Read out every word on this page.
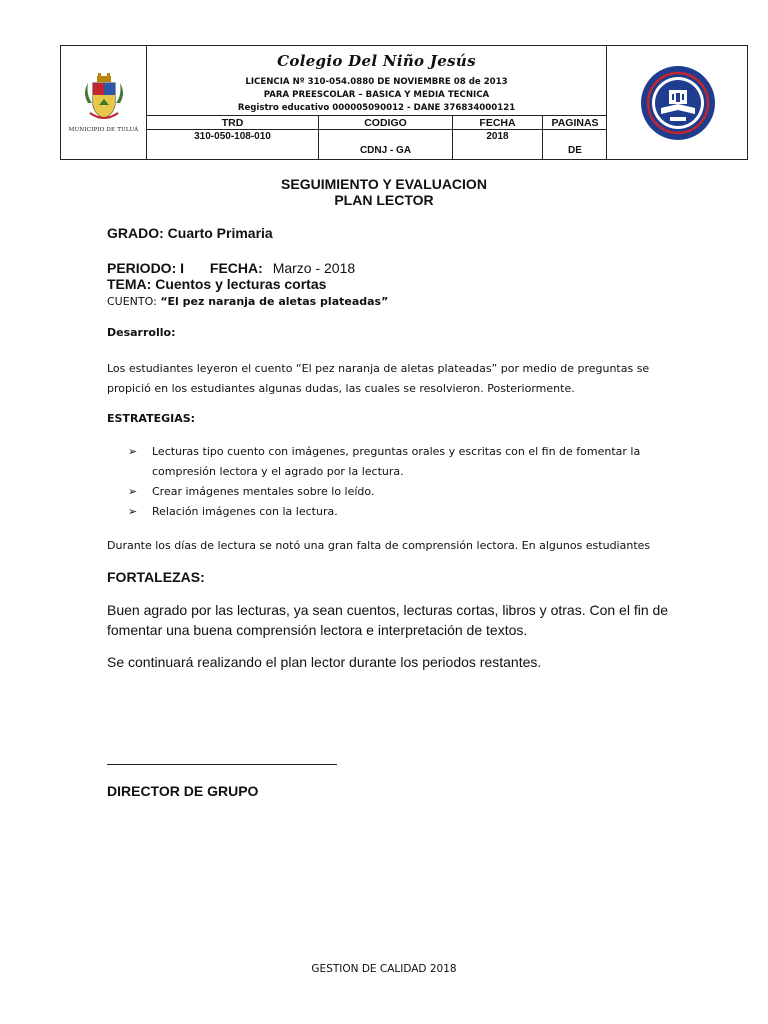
MUNICIPIO DE TULUÁ
Colegio Del Niño Jesús
LICENCIA Nº 310-054.0880 DE NOVIEMBRE 08 de 2013
PARA PREESCOLAR – BASICA Y MEDIA TECNICA
Registro educativo 000005090012 - DANE 376834000121
TRD
310-050-108-010
CODIGO
CDNJ - GA
FECHA
2018
PAGINAS
DE
SEGUIMIENTO Y EVALUACION
PLAN LECTOR
GRADO: Cuarto Primaria
PERIODO: I FECHA: Marzo - 2018
TEMA: Cuentos y lecturas cortas
CUENTO: “El pez naranja de aletas plateadas”
Desarrollo:
Los estudiantes leyeron el cuento “El pez naranja de aletas plateadas” por medio de preguntas se
propició en los estudiantes algunas dudas, las cuales se resolvieron. Posteriormente.
ESTRATEGIAS:
➢ Lecturas tipo cuento con imágenes, preguntas orales y escritas con el fin de fomentar la
compresión lectora y el agrado por la lectura.
➢ Crear imágenes mentales sobre lo leído.
➢ Relación imágenes con la lectura.
Durante los días de lectura se notó una gran falta de comprensión lectora. En algunos estudiantes
FORTALEZAS:
Buen agrado por las lecturas, ya sean cuentos, lecturas cortas, libros y otras. Con el fin de
fomentar una buena comprensión lectora e interpretación de textos.
Se continuará realizando el plan lector durante los periodos restantes.
DIRECTOR DE GRUPO
GESTION DE CALIDAD 2018
